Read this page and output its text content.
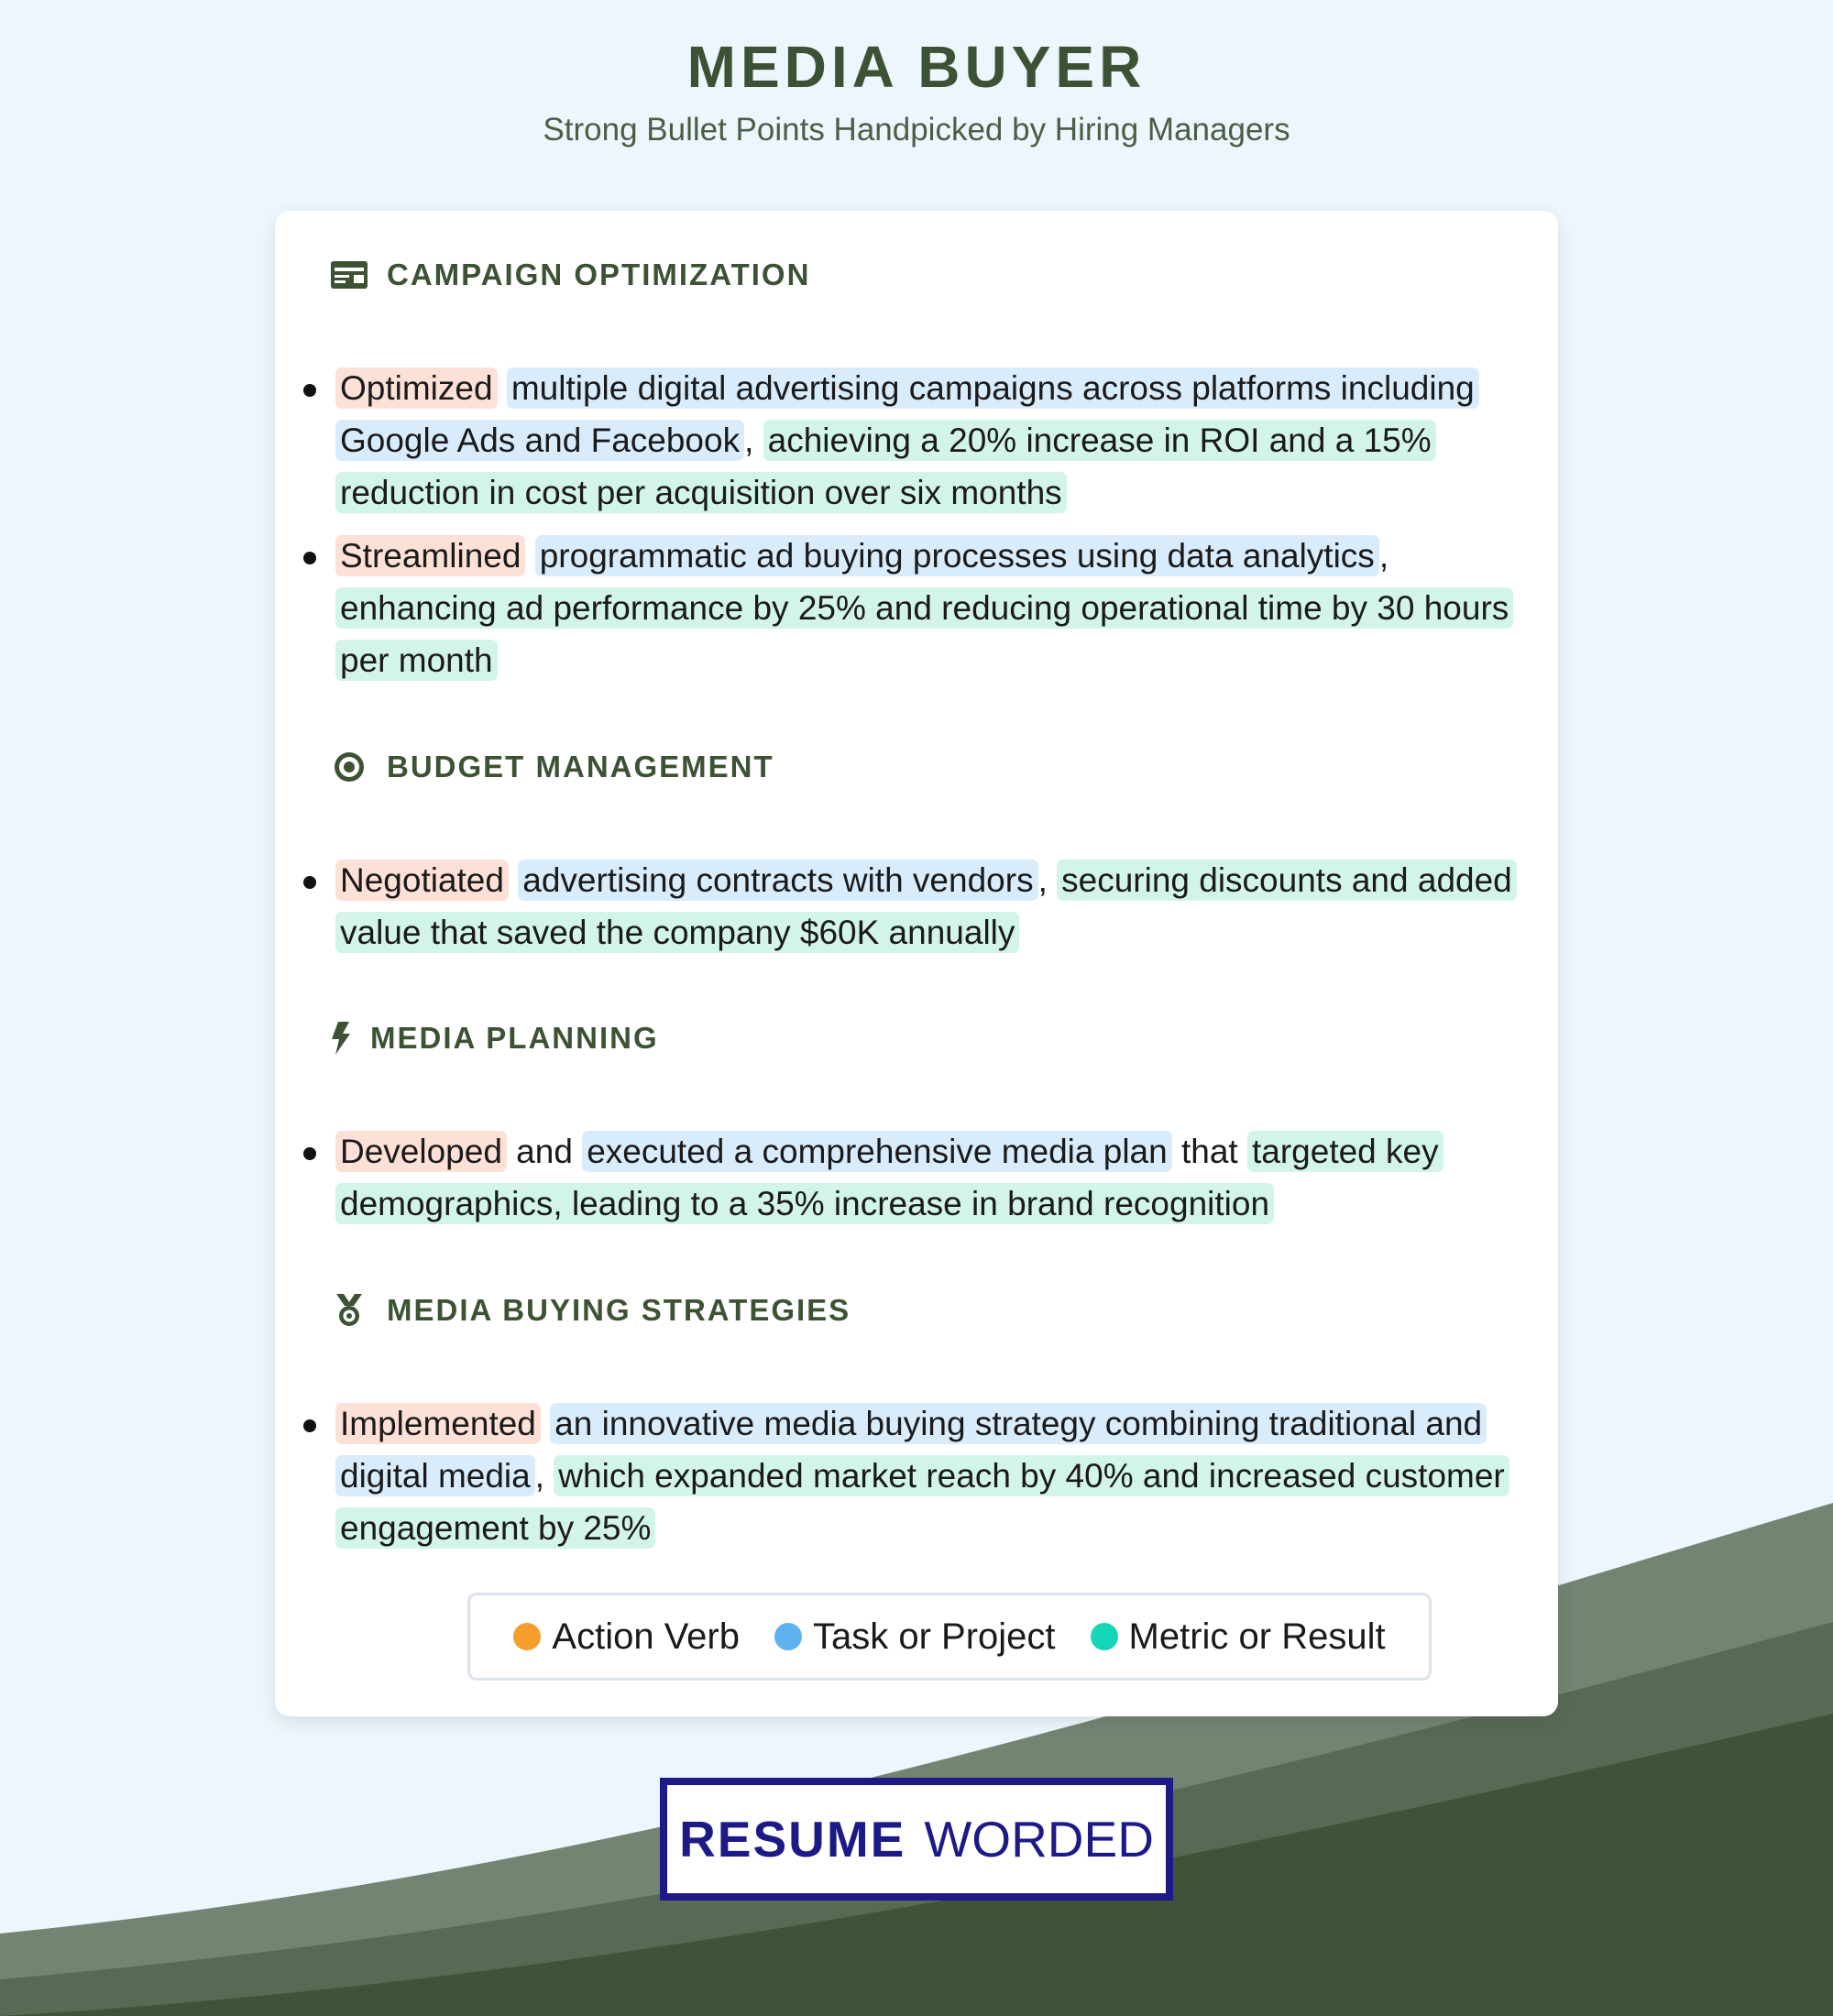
MEDIA BUYER

Strong Bullet Points Handpicked by Hiring Managers

CAMPAIGN OPTIMIZATION
Optimized multiple digital advertising campaigns across platforms including Google Ads and Facebook , achieving a 20% increase in ROI and a 15% reduction in cost per acquisition over six months
Streamlined programmatic ad buying processes using data analytics , enhancing ad performance by 25% and reducing operational time by 30 hours per month
BUDGET MANAGEMENT
Negotiated advertising contracts with vendors , securing discounts and added value that saved the company $60K annually
MEDIA PLANNING
Developed and executed a comprehensive media plan that targeted key demographics, leading to a 35% increase in brand recognition
MEDIA BUYING STRATEGIES
Implemented an innovative media buying strategy combining traditional and digital media , which expanded market reach by 40% and increased customer engagement by 25%
Action Verb Task or Project Metric or Result
RESUME WORDED
